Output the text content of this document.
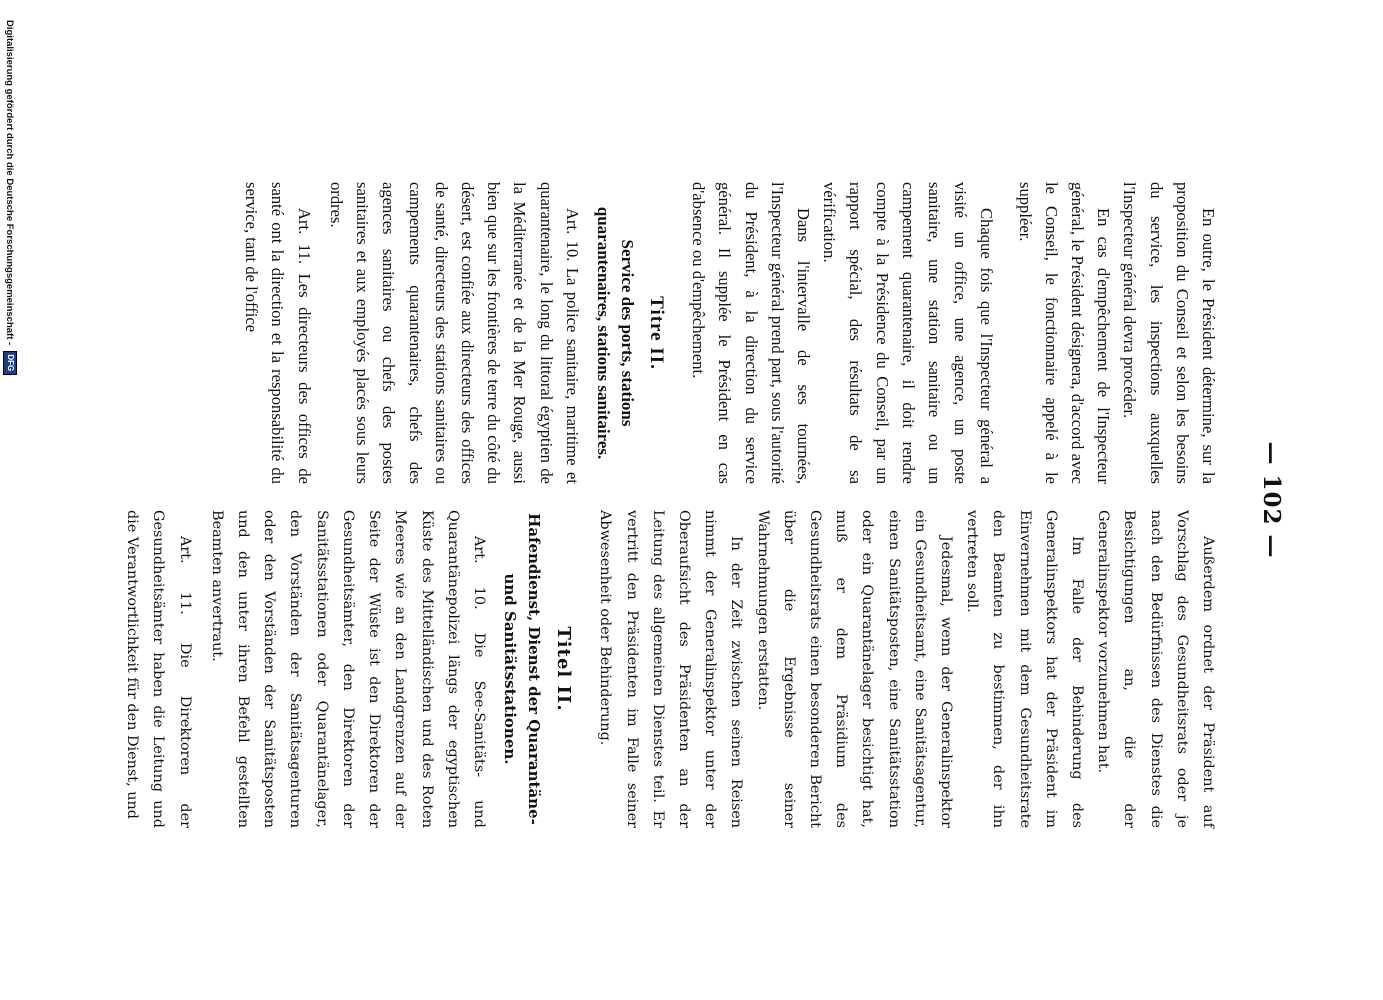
— 102 —

En outre, le Président détermine, sur la proposition du Conseil et selon les besoins du service, les inspections auxquelles l'Inspecteur général devra procéder.

En cas d'empêchement de l'Inspecteur général, le Président désignera, d'accord avec le Conseil, le fonctionnaire appelé à le suppléer.

Chaque fois que l'Inspecteur général a visité un office, une agence, un poste sanitaire, une station sanitaire ou un campement quarantenaire, il doit rendre compte à la Présidence du Conseil, par un rapport spécial, des résultats de sa vérification.

Dans l'intervalle de ses tournées, l'Inspecteur général prend part, sous l'autorité du Président, à la direction du service général. Il supplée le Président en cas d'absence ou d'empêchement.

Titre II.
Service des ports, stations quarantenaires, stations sanitaires.

Art. 10. La police sanitaire, maritime et quarantenaire, le long du littoral égyptien de la Méditerranée et de la Mer Rouge, aussi bien que sur les frontières de terre du côté du désert, est confiée aux directeurs des offices de santé, directeurs des stations sanitaires ou campements quarantenaires, chefs des agences sanitaires ou chefs des postes sanitaires et aux employés placés sous leurs ordres.

Art. 11. Les directeurs des offices de santé ont la direction et la responsabilité du service, tant de l'office

Außerdem ordnet der Präsident auf Vorschlag des Gesundheitsrats oder je nach den Bedürfnissen des Dienstes die Besichtigungen an, die der Generalinspektor vorzunehmen hat.

Im Falle der Behinderung des Generalinspektors hat der Präsident im Einvernehmen mit dem Gesundheitsrate den Beamten zu bestimmen, der ihn vertreten soll.

Jedesmal, wenn der Generalinspektor ein Gesundheitsamt, eine Sanitätsagentur, einen Sanitätsposten, eine Sanitätsstation oder ein Quarantänelager besichtigt hat, muß er dem Präsidium des Gesundheitsrats einen besonderen Bericht über die Ergebnisse seiner Wahrnehmungen erstatten.

In der Zeit zwischen seinen Reisen nimmt der Generalinspektor unter der Oberaufsicht des Präsidenten an der Leitung des allgemeinen Dienstes teil. Er vertritt den Präsidenten im Falle seiner Abwesenheit oder Behinderung.

Titel II.
Hafendienst, Dienst der Quarantäne- und Sanitätsstationen.

Art. 10. Die See-Sanitäts- und Quarantänepolizei längs der egyptischen Küste des Mittelländischen und des Roten Meeres wie an den Landgrenzen auf der Seite der Wüste ist den Direktoren der Gesundheitsämter, den Direktoren der Sanitätsstationen oder Quarantänelager, den Vorständen der Sanitätsagenturen oder den Vorständen der Sanitätsposten und den unter ihren Befehl gestellten Beamten anvertraut.

Art. 11. Die Direktoren der Gesundheitsämter haben die Leitung und die Verantwortlichkeit für den Dienst, und

Digitalisierung gefördert durch die Deutsche Forschungsgemeinschaft - DFG
